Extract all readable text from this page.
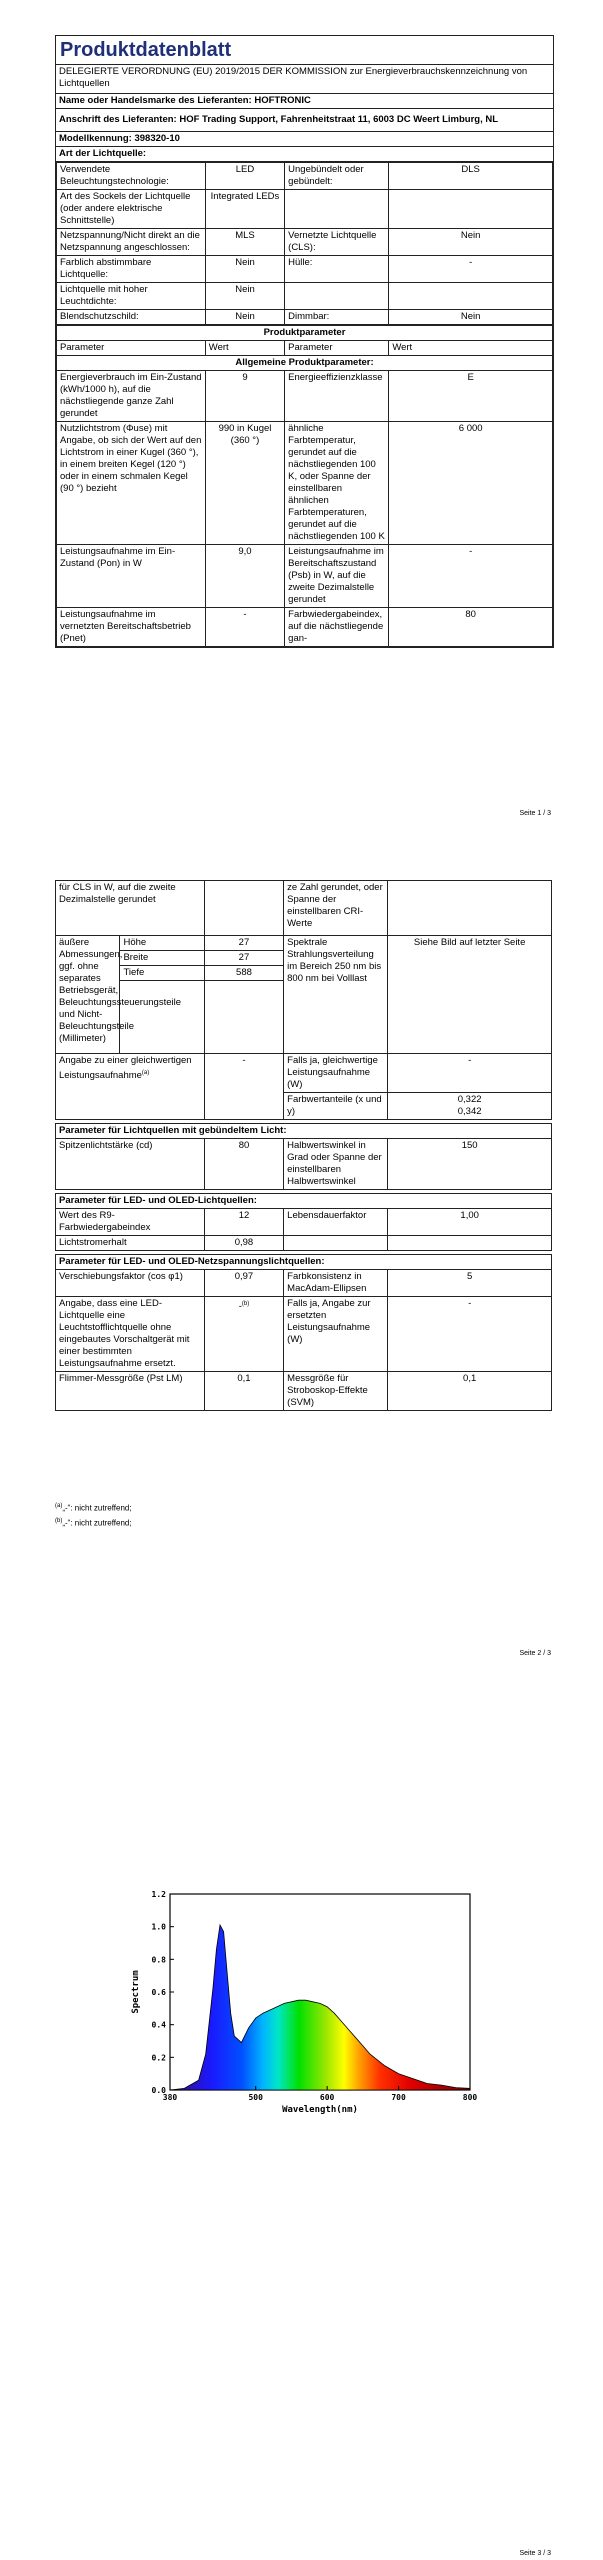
Produktdatenblatt
DELEGIERTE VERORDNUNG (EU) 2019/2015 DER KOMMISSION zur Energieverbrauchskennzeichnung von Lichtquellen
Name oder Handelsmarke des Lieferanten: HOFTRONIC
Anschrift des Lieferanten: HOF Trading Support, Fahrenheitstraat 11, 6003 DC Weert Limburg, NL
Modellkennung: 398320-10
Art der Lichtquelle:
Verwendete Beleuchtungstechnologie:	LED	Ungebündelt oder gebündelt:	DLS
Art des Sockels der Lichtquelle (oder andere elektrische Schnittstelle)	Integrated LEDs		
Netzspannung/Nicht direkt an die Netzspannung angeschlossen:	MLS	Vernetzte Lichtquelle (CLS):	Nein
Farblich abstimmbare Lichtquelle:	Nein	Hülle:	-
Lichtquelle mit hoher Leuchtdichte:	Nein		
Blendschutzschild:	Nein	Dimmbar:	Nein
Produktparameter			
Parameter	Wert	Parameter	Wert
Allgemeine Produktparameter:			
Energieverbrauch im Ein-Zustand (kWh/1000 h), auf die nächstliegende ganze Zahl gerundet	9	Energieeffizienzklasse	E
Nutzlichtstrom (Φuse) mit Angabe, ob sich der Wert auf den Lichtstrom in einer Kugel (360 °), in einem breiten Kegel (120 °) oder in einem schmalen Kegel (90 °) bezieht	990 in Kugel (360 °)	ähnliche Farbtemperatur, gerundet auf die nächstliegenden 100 K, oder Spanne der einstellbaren ähnlichen Farbtemperaturen, gerundet auf die nächstliegenden 100 K	6 000
Leistungsaufnahme im Ein-Zustand (Pon) in W	9,0	Leistungsaufnahme im Bereitschaftszustand (Psb) in W, auf die zweite Dezimalstelle gerundet	-
Leistungsaufnahme im vernetzten Bereitschaftsbetrieb (Pnet)	-	Farbwiedergabeindex, auf die nächstliegende gan-	80
Seite 1 / 3
für CLS in W, auf die zweite Dezimalstelle gerundet			ze Zahl gerundet, oder Spanne der einstellbaren CRI-Werte	
äußere Abmessungen, ggf. ohne separates Betriebsgerät, Beleuchtungssteuerungsteile und Nicht-Beleuchtungsteile (Millimeter)	Höhe	27	Spektrale Strahlungsverteilung im Bereich 250 nm bis 800 nm bei Volllast	Siehe Bild auf letzter Seite
	Breite	27		
	Tiefe	588		

Angabe zu einer gleichwertigen Leistungsaufnahme$^{(a)}$		-	Falls ja, gleichwertige Leistungsaufnahme (W)	-
			Farbwertanteile (x und y)	0,322
0,342
Parameter für Lichtquellen mit gebündeltem Licht:
Spitzenlichtstärke (cd)	80	Halbwertswinkel in Grad oder Spanne der einstellbaren Halbwertswinkel	150
Parameter für LED- und OLED-Lichtquellen:			
Wert des R9-Farbwiedergabeindex	12	Lebensdauerfaktor	1,00
Lichtstromerhalt	0,98		
Parameter für LED- und OLED-Netzspannungslichtquellen:			
Verschiebungsfaktor (cos φ1)	0,97	Farbkonsistenz in MacAdam-Ellipsen	5
Angabe, dass eine LED-Lichtquelle eine Leuchtstofflichtquelle ohne eingebautes Vorschaltgerät mit einer bestimmten Leistungsaufnahme ersetzt.	-$^{(b)}$	Falls ja, Angabe zur ersetzten Leistungsaufnahme (W)	-
Flimmer-Messgröße (Pst LM)	0,1	Messgröße für Stroboskop-Effekte (SVM)	0,1
$^{(a)}$„-“: nicht zutreffend;
$^{(b)}$„-“: nicht zutreffend;
Seite 2 / 3
380	500	600	700	800
0.0
0.2
0.4
0.6
0.8
1.0
1.2
Wavelength(nm)
Spectrum
Seite 3 / 3
